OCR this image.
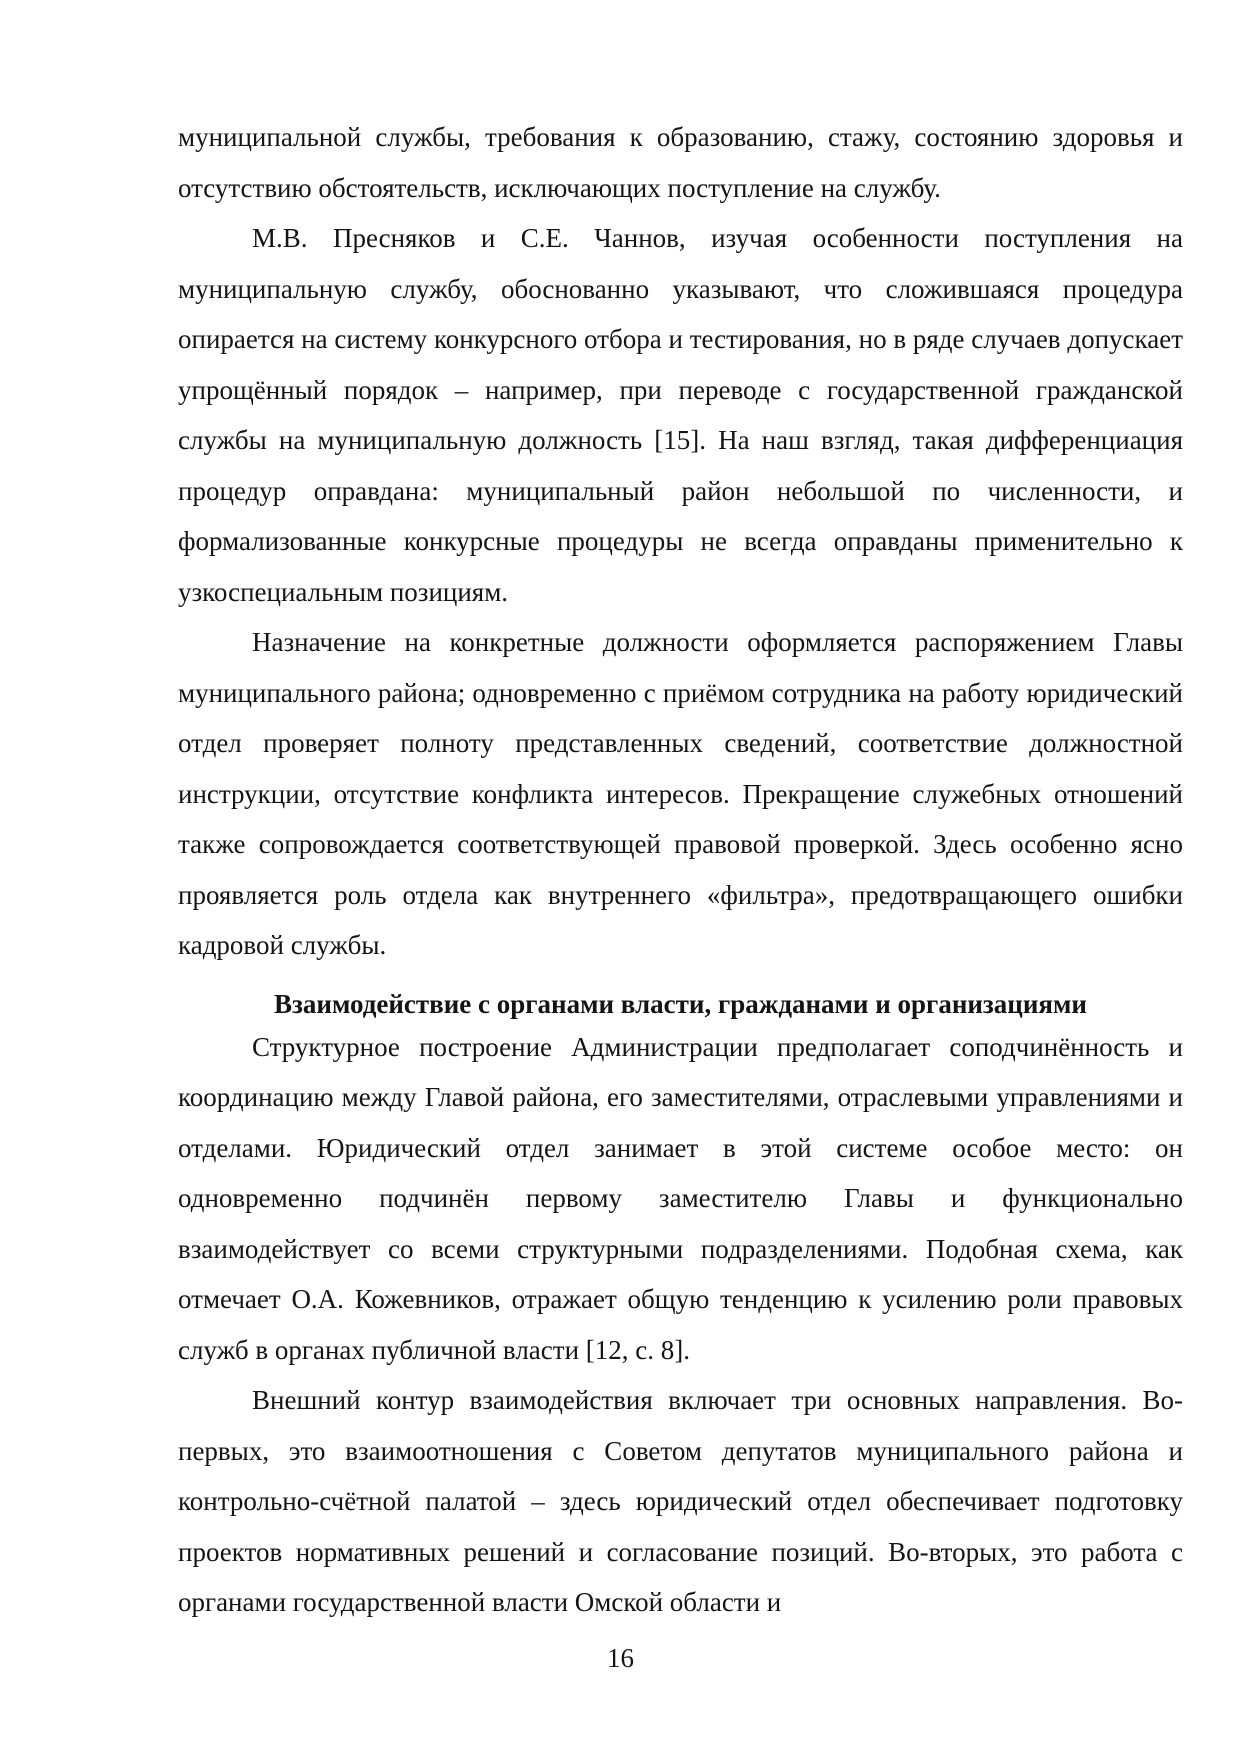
муниципальной службы, требования к образованию, стажу, состоянию здоровья и отсутствию обстоятельств, исключающих поступление на службу.

М.В. Пресняков и С.Е. Чаннов, изучая особенности поступления на муниципальную службу, обоснованно указывают, что сложившаяся процедура опирается на систему конкурсного отбора и тестирования, но в ряде случаев допускает упрощённый порядок – например, при переводе с государственной гражданской службы на муниципальную должность [15]. На наш взгляд, такая дифференциация процедур оправдана: муниципальный район небольшой по численности, и формализованные конкурсные процедуры не всегда оправданы применительно к узкоспециальным позициям.

Назначение на конкретные должности оформляется распоряжением Главы муниципального района; одновременно с приёмом сотрудника на работу юридический отдел проверяет полноту представленных сведений, соответствие должностной инструкции, отсутствие конфликта интересов. Прекращение служебных отношений также сопровождается соответствующей правовой проверкой. Здесь особенно ясно проявляется роль отдела как внутреннего «фильтра», предотвращающего ошибки кадровой службы.

Взаимодействие с органами власти, гражданами и организациями

Структурное построение Администрации предполагает соподчинённость и координацию между Главой района, его заместителями, отраслевыми управлениями и отделами. Юридический отдел занимает в этой системе особое место: он одновременно подчинён первому заместителю Главы и функционально взаимодействует со всеми структурными подразделениями. Подобная схема, как отмечает О.А. Кожевников, отражает общую тенденцию к усилению роли правовых служб в органах публичной власти [12, с. 8].

Внешний контур взаимодействия включает три основных направления. Во-первых, это взаимоотношения с Советом депутатов муниципального района и контрольно-счётной палатой – здесь юридический отдел обеспечивает подготовку проектов нормативных решений и согласование позиций. Во-вторых, это работа с органами государственной власти Омской области и

16
